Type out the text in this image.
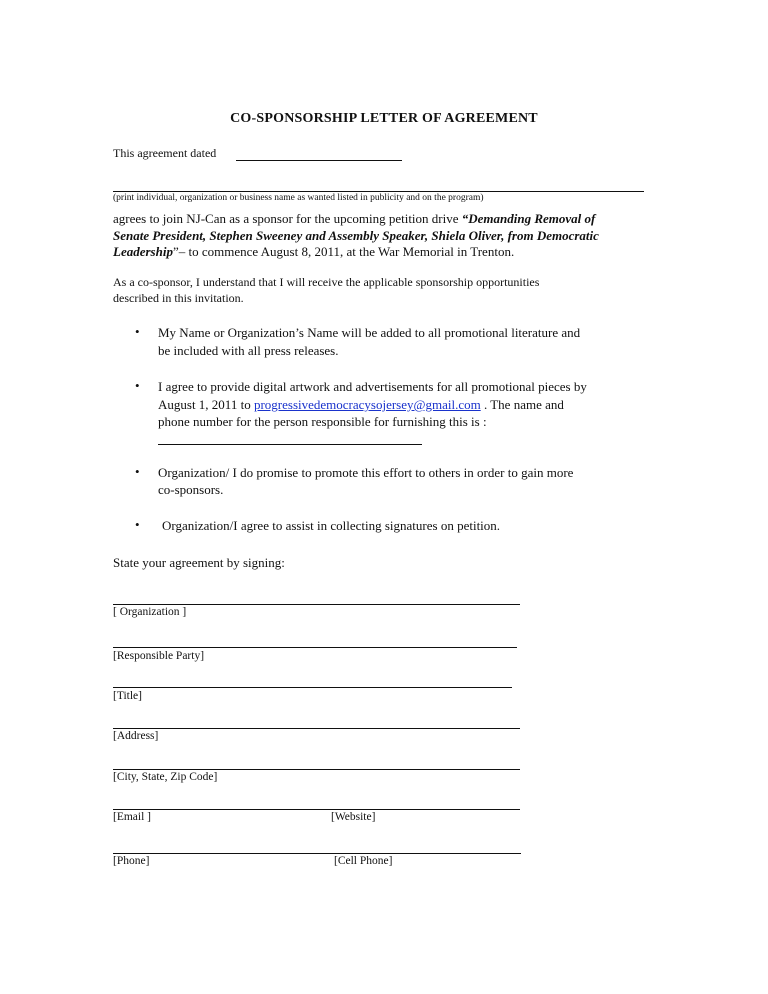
CO-SPONSORSHIP LETTER OF AGREEMENT
This agreement dated
(print individual, organization or business name as wanted listed in publicity and on the program)
agrees to join NJ-Can as a sponsor for the upcoming petition drive “Demanding Removal of
Senate President, Stephen Sweeney and Assembly Speaker, Shiela Oliver, from Democratic
Leadership”– to commence August 8, 2011, at the War Memorial in Trenton.
As a co-sponsor, I understand that I will receive the applicable sponsorship opportunities
described in this invitation.
• My Name or Organization’s Name will be added to all promotional literature and
be included with all press releases.
• I agree to provide digital artwork and advertisements for all promotional pieces by
August 1, 2011 to progressivedemocracysojersey@gmail.com . The name and
phone number for the person responsible for furnishing this is :
• Organization/ I do promise to promote this effort to others in order to gain more
co-sponsors.
• Organization/I agree to assist in collecting signatures on petition.
State your agreement by signing:
[ Organization ]
[Responsible Party]
[Title]
[Address]
[City, State, Zip Code]
[Email ]	[Website]
[Phone]	[Cell Phone]
